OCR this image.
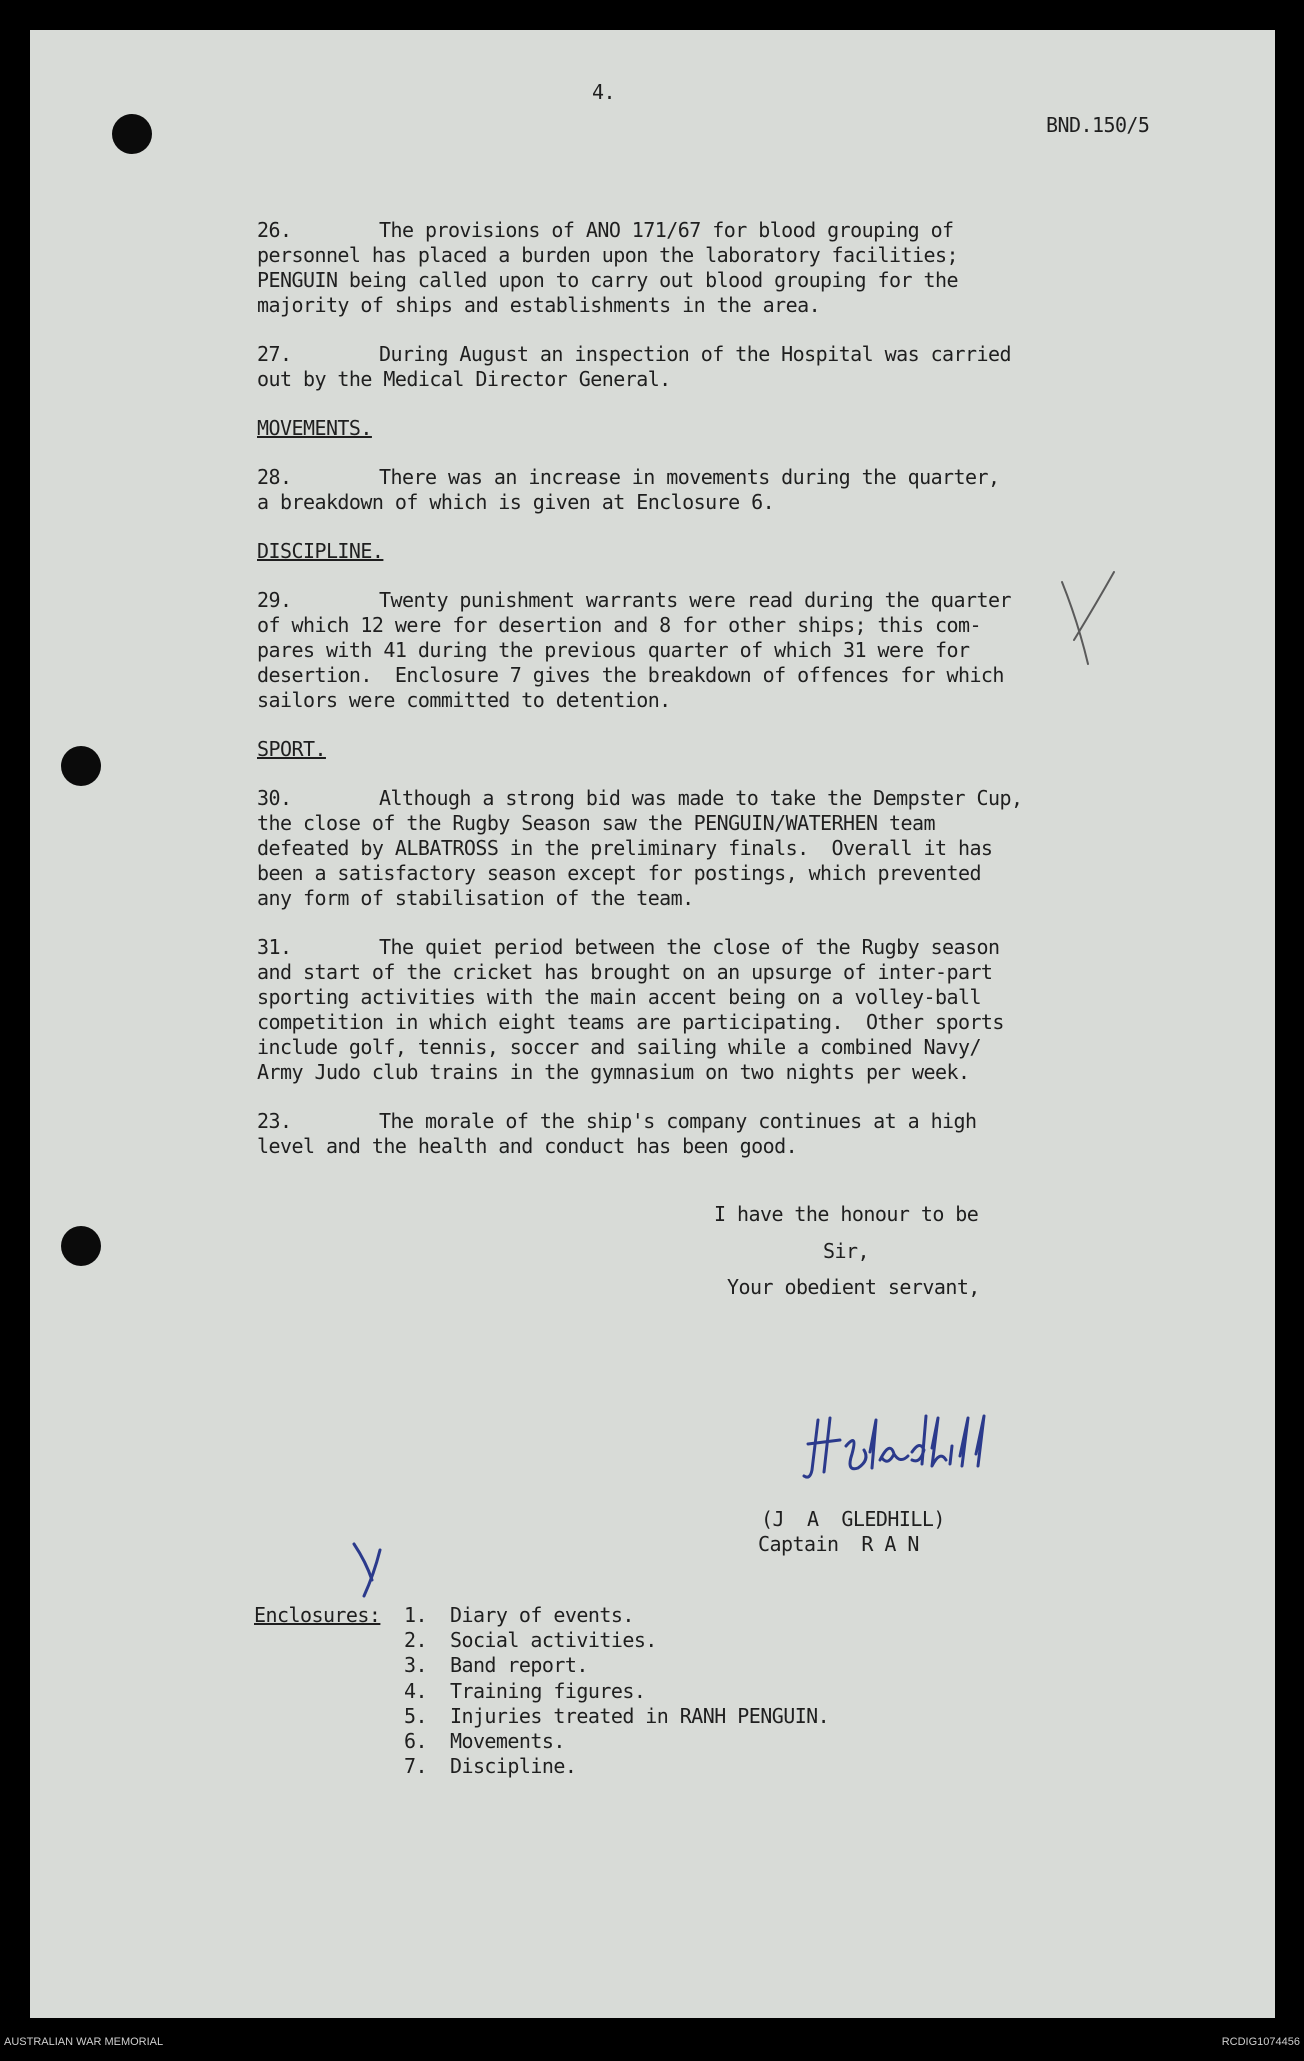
4.
BND.150/5
26.	The provisions of ANO 171/67 for blood grouping of
personnel has placed a burden upon the laboratory facilities;
PENGUIN being called upon to carry out blood grouping for the
majority of ships and establishments in the area.
27.	During August an inspection of the Hospital was carried
out by the Medical Director General.
MOVEMENTS.
28.	There was an increase in movements during the quarter,
a breakdown of which is given at Enclosure 6.
DISCIPLINE.
29.	Twenty punishment warrants were read during the quarter
of which 12 were for desertion and 8 for other ships; this com-
pares with 41 during the previous quarter of which 31 were for
desertion.  Enclosure 7 gives the breakdown of offences for which
sailors were committed to detention.
SPORT.
30.	Although a strong bid was made to take the Dempster Cup,
the close of the Rugby Season saw the PENGUIN/WATERHEN team
defeated by ALBATROSS in the preliminary finals.  Overall it has
been a satisfactory season except for postings, which prevented
any form of stabilisation of the team.
31.	The quiet period between the close of the Rugby season
and start of the cricket has brought on an upsurge of inter-part
sporting activities with the main accent being on a volley-ball
competition in which eight teams are participating.  Other sports
include golf, tennis, soccer and sailing while a combined Navy/
Army Judo club trains in the gymnasium on two nights per week.
23.	The morale of the ship's company continues at a high
level and the health and conduct has been good.
I have the honour to be
Sir,
Your obedient servant,
(J  A  GLEDHILL)
Captain  R A N
Enclosures: 1.  Diary of events.
2.  Social activities.
3.  Band report.
4.  Training figures.
5.  Injuries treated in RANH PENGUIN.
6.  Movements.
7.  Discipline.
AUSTRALIAN WAR MEMORIAL	RCDIG1074456
